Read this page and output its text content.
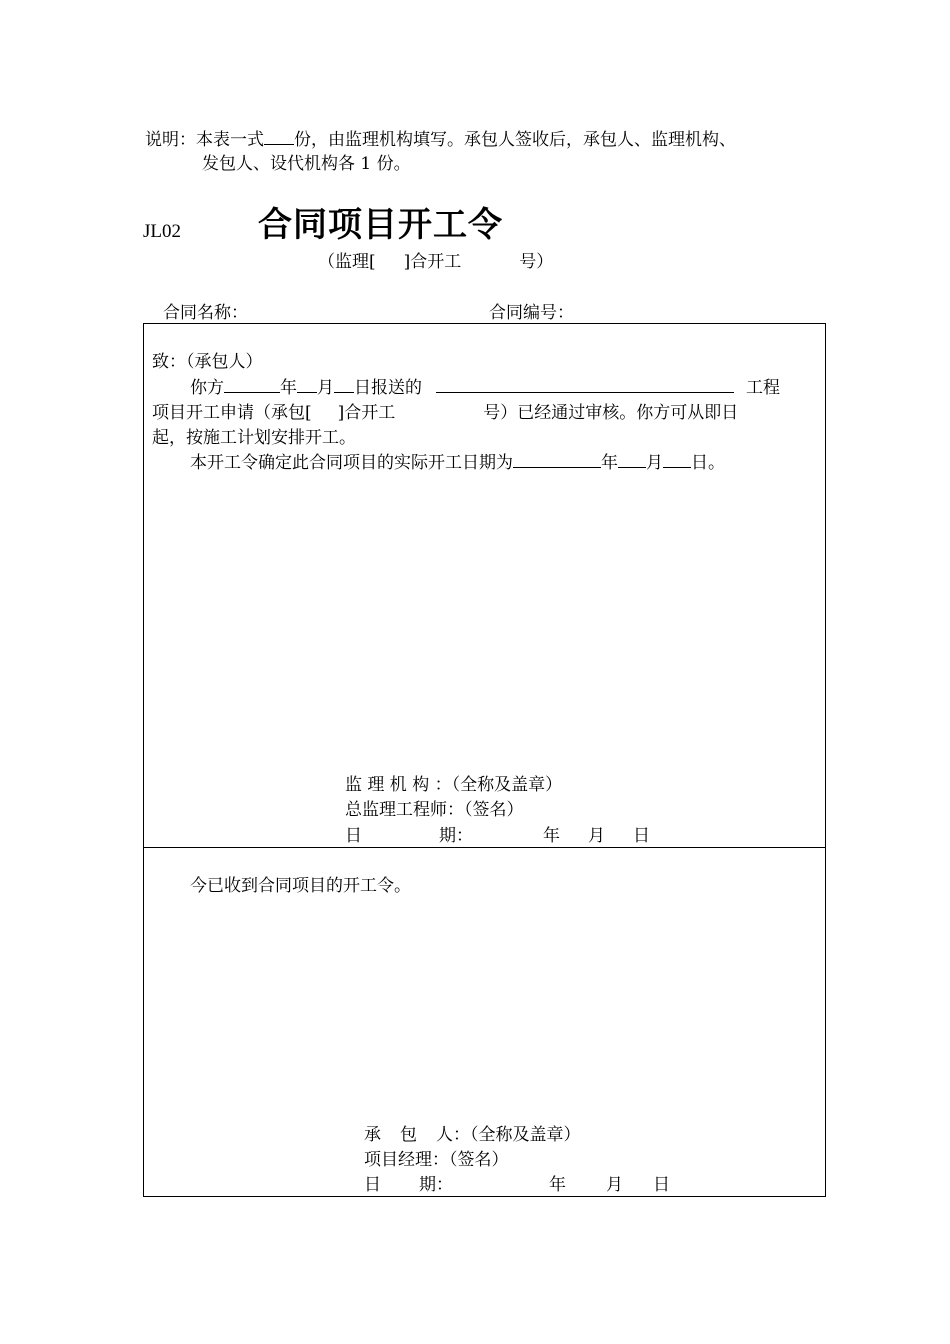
说明：本表一式 份，由监理机构填写。承包人签收后，承包人、监理机构、
发包人、设代机构各 1 份。
JL02 合同项目开工令
（监理[ ]合开工	号）
合同名称：	合同编号：
致：（承包人）
你方	年 月 日报送的	工程
项目开工申请（承包[ ]合开工	号）已经通过审核。你方可从即日
起，按施工计划安排开工。
本开工令确定此合同项目的实际开工日期为	年 月 日。
监 理 机 构 ：（全称及盖章）
总监理工程师：（签名）
日	期：	年 月 日
今已收到合同项目的开工令。
承 包 人：（全称及盖章）
项目经理：（签名）
日 期：	年 月 日
